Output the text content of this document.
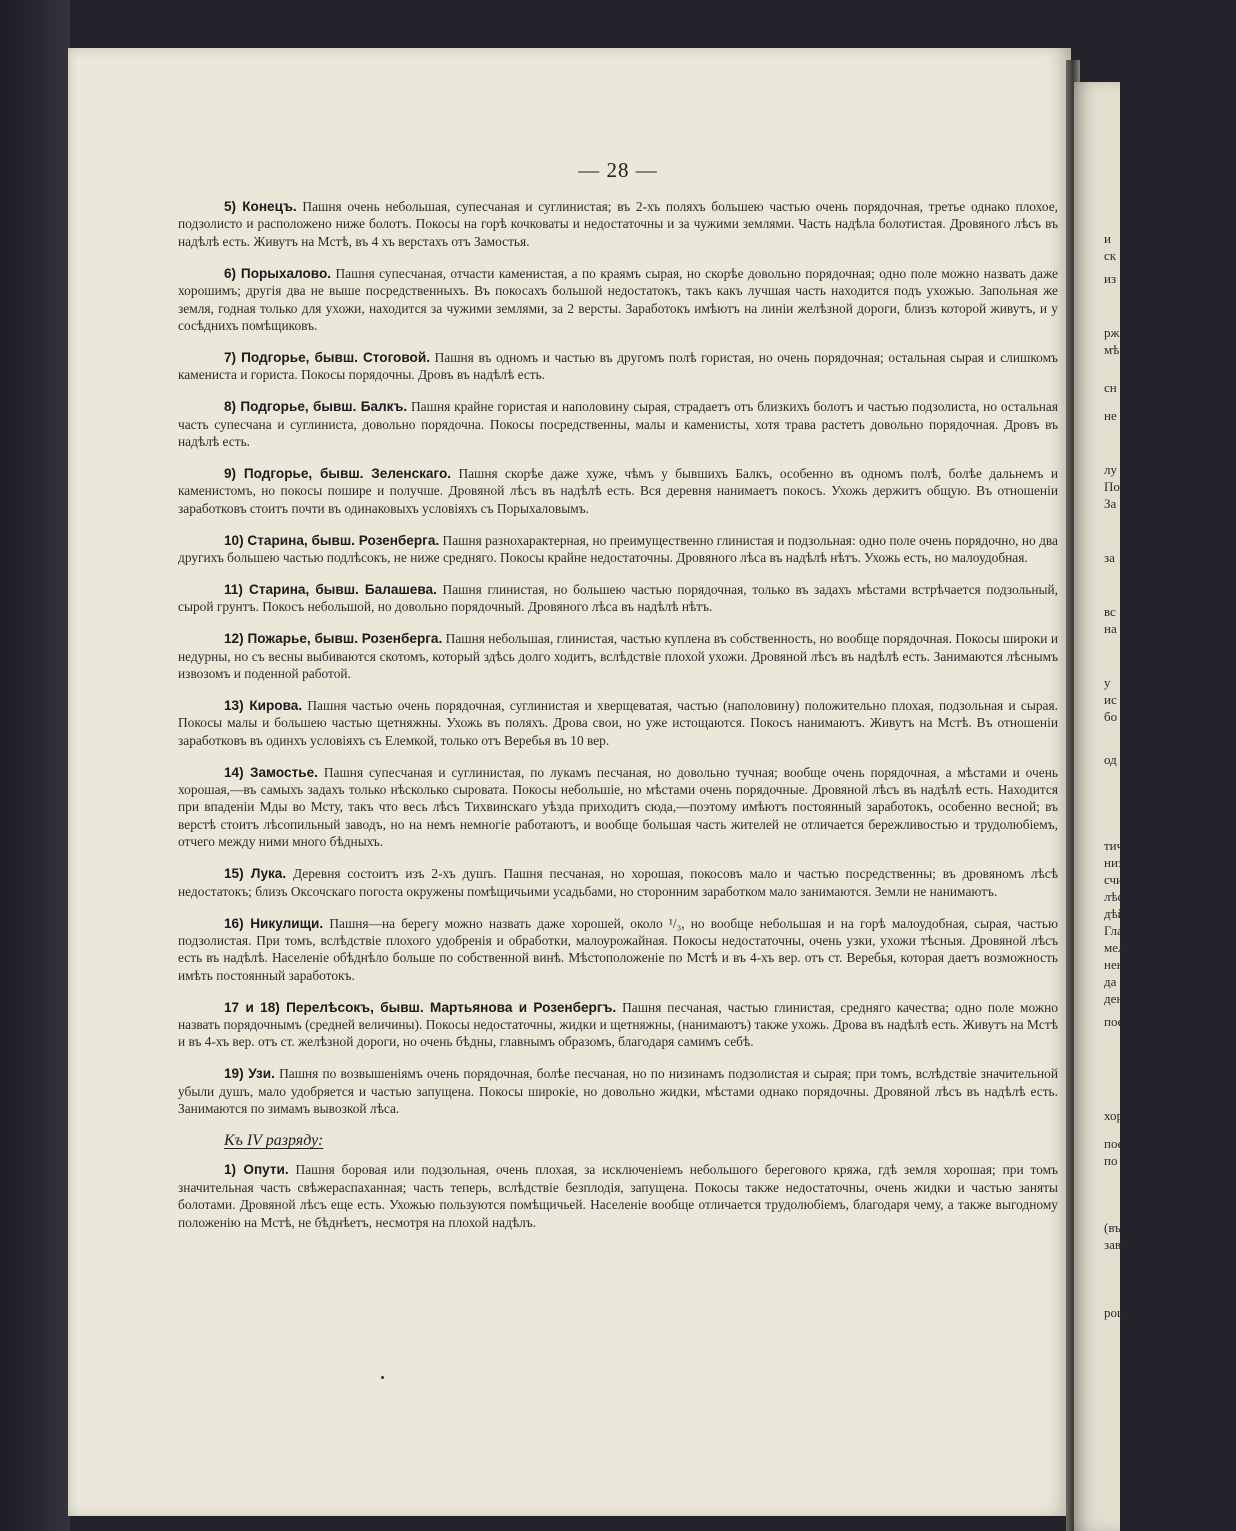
и
ск
из
рж
мѣ
сн
не
лу
По
За
за
вс
на
у
ис
бо
од
тич
низ
счи
лѣс
дѣй
Гла
мел
нен
да
ден
поє
хор
поє
по
(въ
заво
роше
— 28 —

5) Конецъ. Пашня очень небольшая, супесчаная и суглинистая; въ 2-хъ поляхъ большею частью очень порядочная, третье однако плохое, подзолисто и расположено ниже болотъ. Покосы на горѣ кочковаты и недостаточны и за чужими землями. Часть надѣла болотистая. Дровяного лѣсъ въ надѣлѣ есть. Живутъ на Мстѣ, въ 4 хъ верстахъ отъ Замостья.

6) Порыхалово. Пашня супесчаная, отчасти каменистая, а по краямъ сырая, но скорѣе довольно порядочная; одно поле можно назвать даже хорошимъ; другія два не выше посредственныхъ. Въ покосахъ большой недостатокъ, такъ какъ лучшая часть находится подъ ухожью. Запольная же земля, годная только для ухожи, находится за чужими землями, за 2 версты. Заработокъ имѣютъ на линіи желѣзной дороги, близъ которой живутъ, и у сосѣднихъ помѣщиковъ.

7) Подгорье, бывш. Стоговой. Пашня въ одномъ и частью въ другомъ полѣ гористая, но очень порядочная; остальная сырая и слишкомъ камениста и гориста. Покосы порядочны. Дровъ въ надѣлѣ есть.

8) Подгорье, бывш. Балкъ. Пашня крайне гористая и наполовину сырая, страдаетъ отъ близкихъ болотъ и частью подзолиста, но остальная часть супесчана и суглиниста, довольно порядочна. Покосы посредственны, малы и каменисты, хотя трава растетъ довольно порядочная. Дровъ въ надѣлѣ есть.

9) Подгорье, бывш. Зеленскаго. Пашня скорѣе даже хуже, чѣмъ у бывшихъ Балкъ, особенно въ одномъ полѣ, болѣе дальнемъ и каменистомъ, но покосы пошире и получше. Дровяной лѣсъ въ надѣлѣ есть. Вся деревня нанимаетъ покосъ. Ухожь держитъ общую. Въ отношеніи заработковъ стоитъ почти въ одинаковыхъ условіяхъ съ Порыхаловымъ.

10) Старина, бывш. Розенберга. Пашня разнохарактерная, но преимущественно глинистая и подзольная: одно поле очень порядочно, но два другихъ большею частью подлѣсокъ, не ниже средняго. Покосы крайне недостаточны. Дровяного лѣса въ надѣлѣ нѣтъ. Ухожь есть, но малоудобная.

11) Старина, бывш. Балашева. Пашня глинистая, но большею частью порядочная, только въ задахъ мѣстами встрѣчается подзольный, сырой грунтъ. Покосъ небольшой, но довольно порядочный. Дровяного лѣса въ надѣлѣ нѣтъ.

12) Пожарье, бывш. Розенберга. Пашня небольшая, глинистая, частью куплена въ собственность, но вообще порядочная. Покосы широки и недурны, но съ весны выбиваются скотомъ, который здѣсь долго ходитъ, вслѣдствіе плохой ухожи. Дровяной лѣсъ въ надѣлѣ есть. Занимаются лѣснымъ извозомъ и поденной работой.

13) Кирова. Пашня частью очень порядочная, суглинистая и хверщеватая, частью (наполовину) положительно плохая, подзольная и сырая. Покосы малы и большею частью щетняжны. Ухожь въ поляхъ. Дрова свои, но уже истощаются. Покосъ нанимаютъ. Живутъ на Мстѣ. Въ отношеніи заработковъ въ одинхъ условіяхъ съ Елемкой, только отъ Веребья въ 10 вер.

14) Замостье. Пашня супесчаная и суглинистая, по лукамъ песчаная, но довольно тучная; вообще очень порядочная, а мѣстами и очень хорошая,—въ самыхъ задахъ только нѣсколько сыровата. Покосы небольшіе, но мѣстами очень порядочные. Дровяной лѣсъ въ надѣлѣ есть. Находится при впаденіи Мды во Мсту, такъ что весь лѣсъ Тихвинскаго уѣзда приходитъ сюда,—поэтому имѣютъ постоянный заработокъ, особенно весной; въ верстѣ стоитъ лѣсопильный заводъ, но на немъ немногіе работаютъ, и вообще большая часть жителей не отличается бережливостью и трудолюбіемъ, отчего между ними много бѣдныхъ.

15) Лука. Деревня состоитъ изъ 2-хъ душъ. Пашня песчаная, но хорошая, покосовъ мало и частью посредственны; въ дровяномъ лѣсѣ недостатокъ; близъ Оксочскаго погоста окружены помѣщичьими усадьбами, но сторонним заработком мало занимаются. Земли не нанимаютъ.

16) Никулищи. Пашня—на берегу можно назвать даже хорошей, около ¹/₃, но вообще небольшая и на горѣ малоудобная, сырая, частью подзолистая. При томъ, вслѣдствіе плохого удобренія и обработки, малоурожайная. Покосы недостаточны, очень узки, ухожи тѣсныя. Дровяной лѣсъ есть въ надѣлѣ. Населеніе обѣднѣло больше по собственной винѣ. Мѣстоположеніе по Мстѣ и въ 4-хъ вер. отъ ст. Веребья, которая даетъ возможность имѣть постоянный заработокъ.

17 и 18) Перелѣсокъ, бывш. Мартьянова и Розенбергъ. Пашня песчаная, частью глинистая, средняго качества; одно поле можно назвать порядочнымъ (средней величины). Покосы недостаточны, жидки и щетняжны, (нанимаютъ) также ухожь. Дрова въ надѣлѣ есть. Живутъ на Мстѣ и въ 4-хъ вер. отъ ст. желѣзной дороги, но очень бѣдны, главнымъ образомъ, благодаря самимъ себѣ.

19) Узи. Пашня по возвышеніямъ очень порядочная, болѣе песчаная, но по низинамъ подзолистая и сырая; при томъ, вслѣдствіе значительной убыли душъ, мало удобряется и частью запущена. Покосы широкіе, но довольно жидки, мѣстами однако порядочны. Дровяной лѣсъ въ надѣлѣ есть. Занимаются по зимамъ вывозкой лѣса.

Къ IV разряду:

1) Опути. Пашня боровая или подзольная, очень плохая, за исключеніемъ небольшого берегового кряжа, гдѣ земля хорошая; при томъ значительная часть свѣжераспаханная; часть теперь, вслѣдствіе безплодія, запущена. Покосы также недостаточны, очень жидки и частью заняты болотами. Дровяной лѣсъ еще есть. Ухожью пользуются помѣщичьей. Населеніе вообще отличается трудолюбіемъ, благодаря чему, а также выгодному положенію на Мстѣ, не бѣднѣетъ, несмотря на плохой надѣлъ.
